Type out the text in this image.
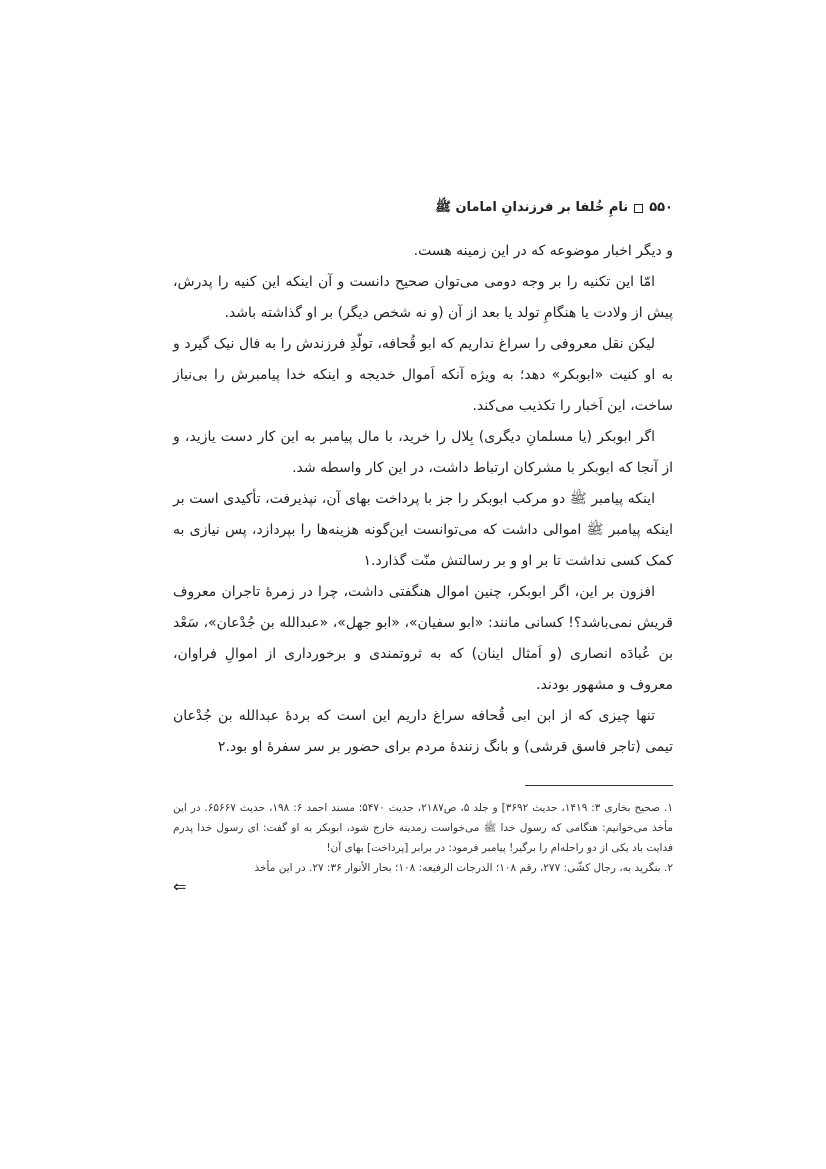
۵۵۰
نامِ خُلفا بر فرزندانِ امامان ﷺ

و دیگر اخبار موضوعه که در این زمینه هست.

امّا این تکنیه را بر وجه دومی می‌توان صحیح دانست و آن اینکه این کنیه را پدرش، پیش از ولادت یا هنگامِ تولد یا بعد از آن (و نه شخص دیگر) بر او گذاشته باشد.

لیکن نقل معروفی را سراغ نداریم که ابو قُحافه، تولّدِ فرزندش را به فال نیک گیرد و به او کنیت «ابوبکر» دهد؛ به ویژه آنکه اَموال خدیجه و اینکه خدا پیامبرش را بی‌نیاز ساخت، این اَخبار را تکذیب می‌کند.

اگر ابوبکر (یا مسلمانِ دیگری) بِلال را خرید، با مال پیامبر به این کار دست یازید، و از آنجا که ابوبکر با مشرکان ارتباط داشت، در این کار واسطه شد.

اینکه پیامبر ﷺ دو مرکب ابوبکر را جز با پرداخت بهای آن، نپذیرفت، تأکیدی است بر اینکه پیامبر ﷺ اموالی داشت که می‌توانست این‌گونه هزینه‌ها را بپردازد، پس نیازی به کمک کسی نداشت تا بر او و بر رسالتش منّت گذارد.۱

افزون بر این، اگر ابوبکر، چنین اموال هنگفتی داشت، چرا در زمرهٔ تاجران معروف قریش نمی‌باشد؟! کسانی مانند: «ابو سفیان»، «ابو جهل»، «عبدالله بن جُدْعان»، سَعْد بن عُبادَه انصاری (و اَمثال اینان) که به ثروتمندی و برخورداری از اموالِ فراوان، معروف و مشهور بودند.

تنها چیزی که از ابن ابی قُحافه سراغ داریم این است که بردهٔ عبدالله بن جُدْعان تیمی (تاجر فاسق قرشی) و بانگ زنندهٔ مردم برای حضور بر سر سفرهٔ او بود.۲

۱. صحیح بخاری ۳: ۱۴۱۹، حدیث ۳۶۹۲] و جلد ۵، ص۲۱۸۷، حدیث ۵۴۷۰؛ مسند احمد ۶: ۱۹۸، حدیث ۶۵۶۶۷. در این مأخذ می‌خوانیم: هنگامی که رسول خدا ﷺ می‌خواست زمدینه خارج شود، ابوبکر به او گفت: ای رسول خدا پدرم فدایت باد یکی از دو راحله‌ام را برگیر! پیامبر فرمود: در برابر [پرداخت] بهای آن!

۲. بنگرید به، رجال کشّی: ۲۷۷، رقم ۱۰۸؛ الدرجات الرفیعه: ۱۰۸؛ بحار الأنوار ۳۶: ۲۷. در این مأخذ

⇐
